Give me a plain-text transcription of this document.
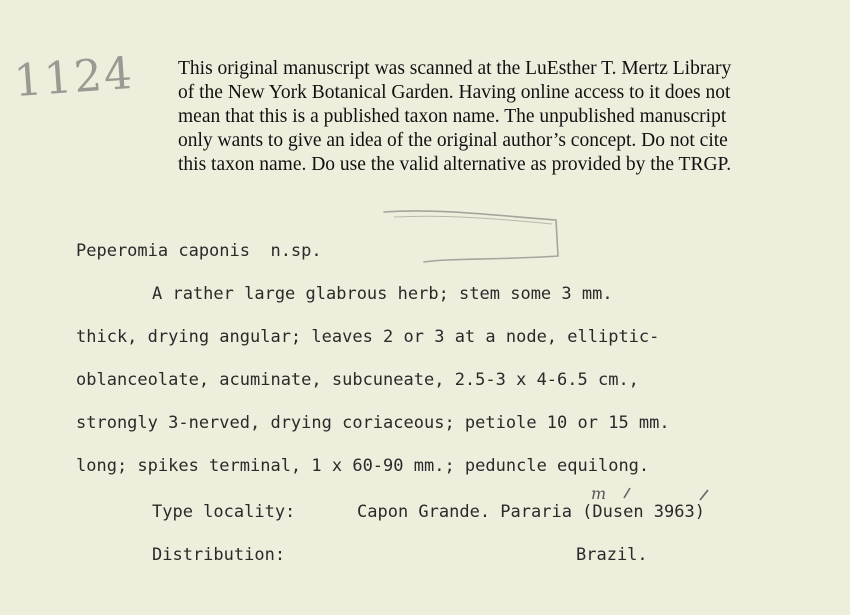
1124 This original manuscript was scanned at the LuEsther T. Mertz Library
of the New York Botanical Garden. Having online access to it does not
mean that this is a published taxon name. The unpublished manuscript
only wants to give an idea of the original author’s concept. Do not cite
this taxon name. Do use the valid alternative as provided by the TRGP.
Peperomia caponis  n.sp.
A rather large glabrous herb; stem some 3 mm.
thick, drying angular; leaves 2 or 3 at a node, elliptic-
oblanceolate, acuminate, subcuneate, 2.5-3 x 4-6.5 cm.,
strongly 3-nerved, drying coriaceous; petiole 10 or 15 mm.
long; spikes terminal, 1 x 60-90 mm.; peduncle equilong.
m
Type locality:	Capon Grande. Pararia (Dusen 3963)
Distribution:	Brazil.
